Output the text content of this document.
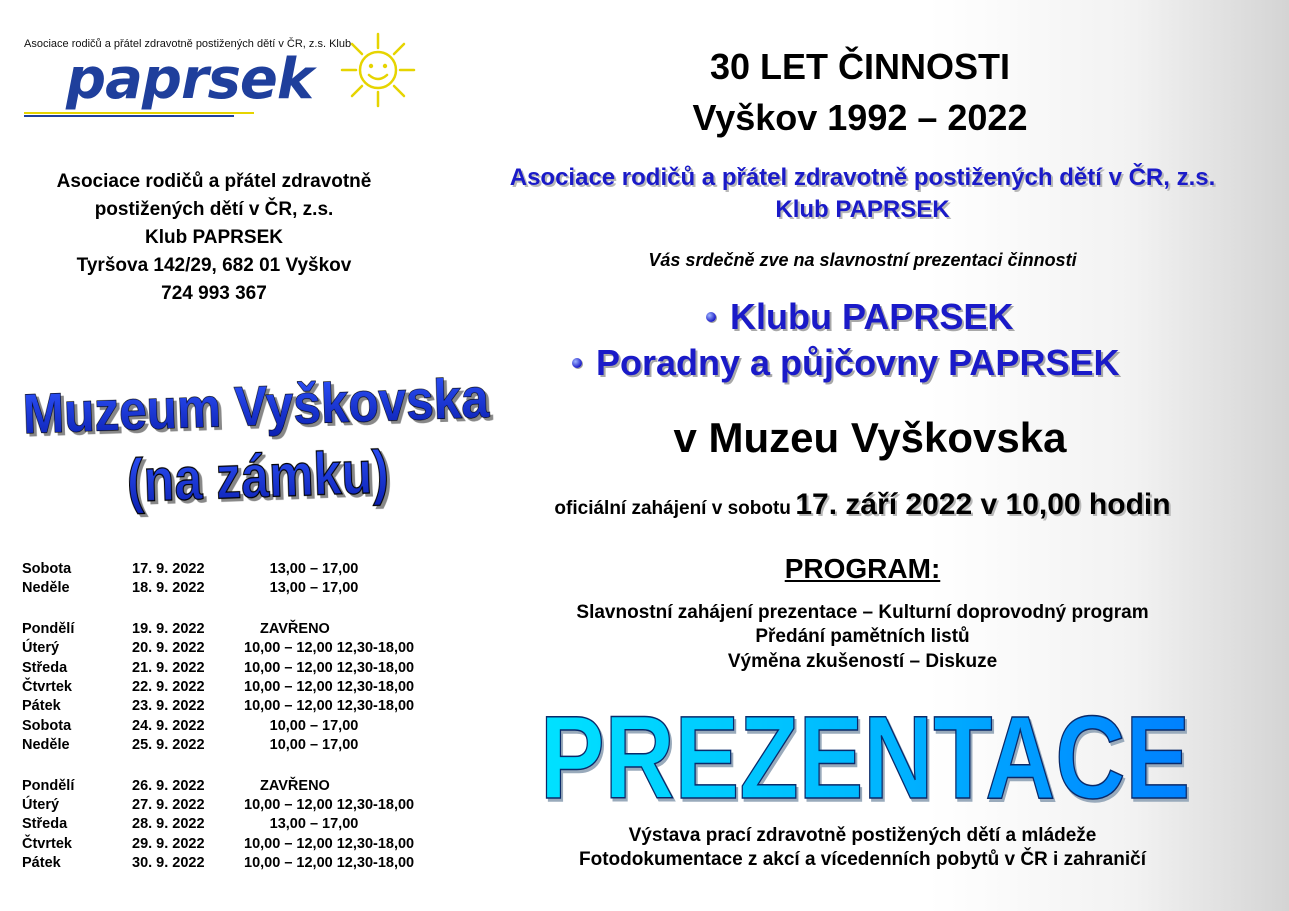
Asociace rodičů a přátel zdravotně postižených dětí v ČR, z.s. Klub
paprsek
Asociace rodičů a přátel zdravotně
postižených dětí v ČR, z.s.
Klub PAPRSEK
Tyršova 142/29, 682 01 Vyškov
724 993 367
Muzeum Vyškovska
(na zámku)
Sobota	17. 9. 2022	13,00 – 17,00
Neděle	18. 9. 2022	13,00 – 17,00
Pondělí	19. 9. 2022	ZAVŘENO
Úterý	20. 9. 2022	10,00 – 12,00 12,30-18,00
Středa	21. 9. 2022	10,00 – 12,00 12,30-18,00
Čtvrtek	22. 9. 2022	10,00 – 12,00 12,30-18,00
Pátek	23. 9. 2022	10,00 – 12,00 12,30-18,00
Sobota	24. 9. 2022	10,00 – 17,00
Neděle	25. 9. 2022	10,00 – 17,00
Pondělí	26. 9. 2022	ZAVŘENO
Úterý	27. 9. 2022	10,00 – 12,00 12,30-18,00
Středa	28. 9. 2022	13,00 – 17,00
Čtvrtek	29. 9. 2022	10,00 – 12,00 12,30-18,00
Pátek	30. 9. 2022	10,00 – 12,00 12,30-18,00
30 LET ČINNOSTI
Vyškov 1992 – 2022
Asociace rodičů a přátel zdravotně postižených dětí v ČR, z.s.
Klub PAPRSEK
Vás srdečně zve na slavnostní prezentaci činnosti
Klubu PAPRSEK
Poradny a půjčovny PAPRSEK
v Muzeu Vyškovska
oficiální zahájení v sobotu 17. září 2022 v 10,00 hodin
PROGRAM:
Slavnostní zahájení prezentace – Kulturní doprovodný program
Předání pamětních listů
Výměna zkušeností – Diskuze
PREZENTACE
Výstava prací zdravotně postižených dětí a mládeže
Fotodokumentace z akcí a vícedenních pobytů v ČR i zahraničí
